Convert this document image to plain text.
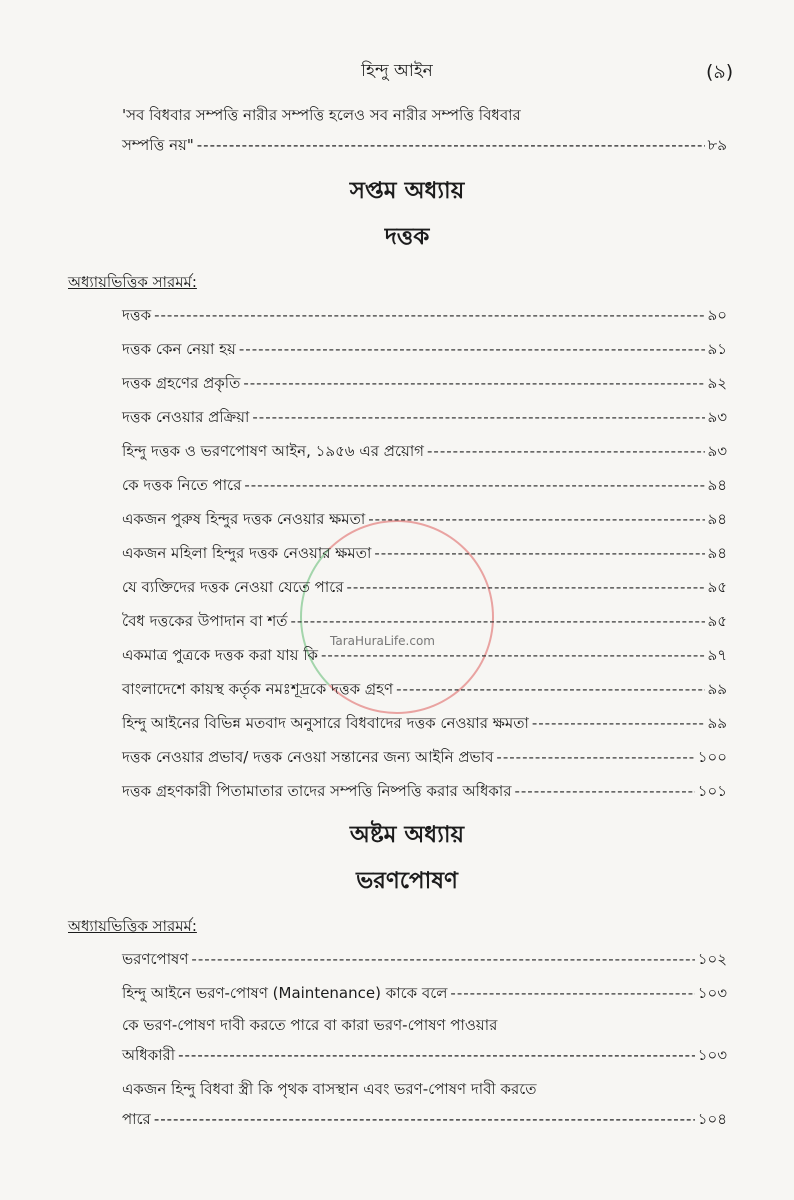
হিন্দু আইন	(৯)
TaraHuraLife.com
'সব বিধবার সম্পত্তি নারীর সম্পত্তি হলেও সব নারীর সম্পত্তি বিধবার
সম্পত্তি নয়" -----	৮৯
সপ্তম অধ্যায়
দত্তক
অধ্যায়ভিত্তিক সারমর্ম:
দত্তক -----	৯০
দত্তক কেন নেয়া হয় -----	৯১
দত্তক গ্রহণের প্রকৃতি -----	৯২
দত্তক নেওয়ার প্রক্রিয়া -----	৯৩
হিন্দু দত্তক ও ভরণপোষণ আইন, ১৯৫৬ এর প্রয়োগ -----	৯৩
কে দত্তক নিতে পারে -----	৯৪
একজন পুরুষ হিন্দুর দত্তক নেওয়ার ক্ষমতা -----	৯৪
একজন মহিলা হিন্দুর দত্তক নেওয়ার ক্ষমতা -----	৯৪
যে ব্যক্তিদের দত্তক নেওয়া যেতে পারে -----	৯৫
বৈধ দত্তকের উপাদান বা শর্ত -----	৯৫
একমাত্র পুত্রকে দত্তক করা যায় কি -----	৯৭
বাংলাদেশে কায়স্থ কর্তৃক নমঃশূদ্রকে দত্তক গ্রহণ -----	৯৯
হিন্দু আইনের বিভিন্ন মতবাদ অনুসারে বিধবাদের দত্তক নেওয়ার ক্ষমতা -----	৯৯
দত্তক নেওয়ার প্রভাব/ দত্তক নেওয়া সন্তানের জন্য আইনি প্রভাব -----	১০০
দত্তক গ্রহণকারী পিতামাতার তাদের সম্পত্তি নিষ্পত্তি করার অধিকার -----	১০১
অষ্টম অধ্যায়
ভরণপোষণ
অধ্যায়ভিত্তিক সারমর্ম:
ভরণপোষণ -----	১০২
হিন্দু আইনে ভরণ-পোষণ (Maintenance) কাকে বলে -----	১০৩
কে ভরণ-পোষণ দাবী করতে পারে বা কারা ভরণ-পোষণ পাওয়ার
অধিকারী -----	১০৩
একজন হিন্দু বিধবা স্ত্রী কি পৃথক বাসস্থান এবং ভরণ-পোষণ দাবী করতে
পারে -----	১০৪
